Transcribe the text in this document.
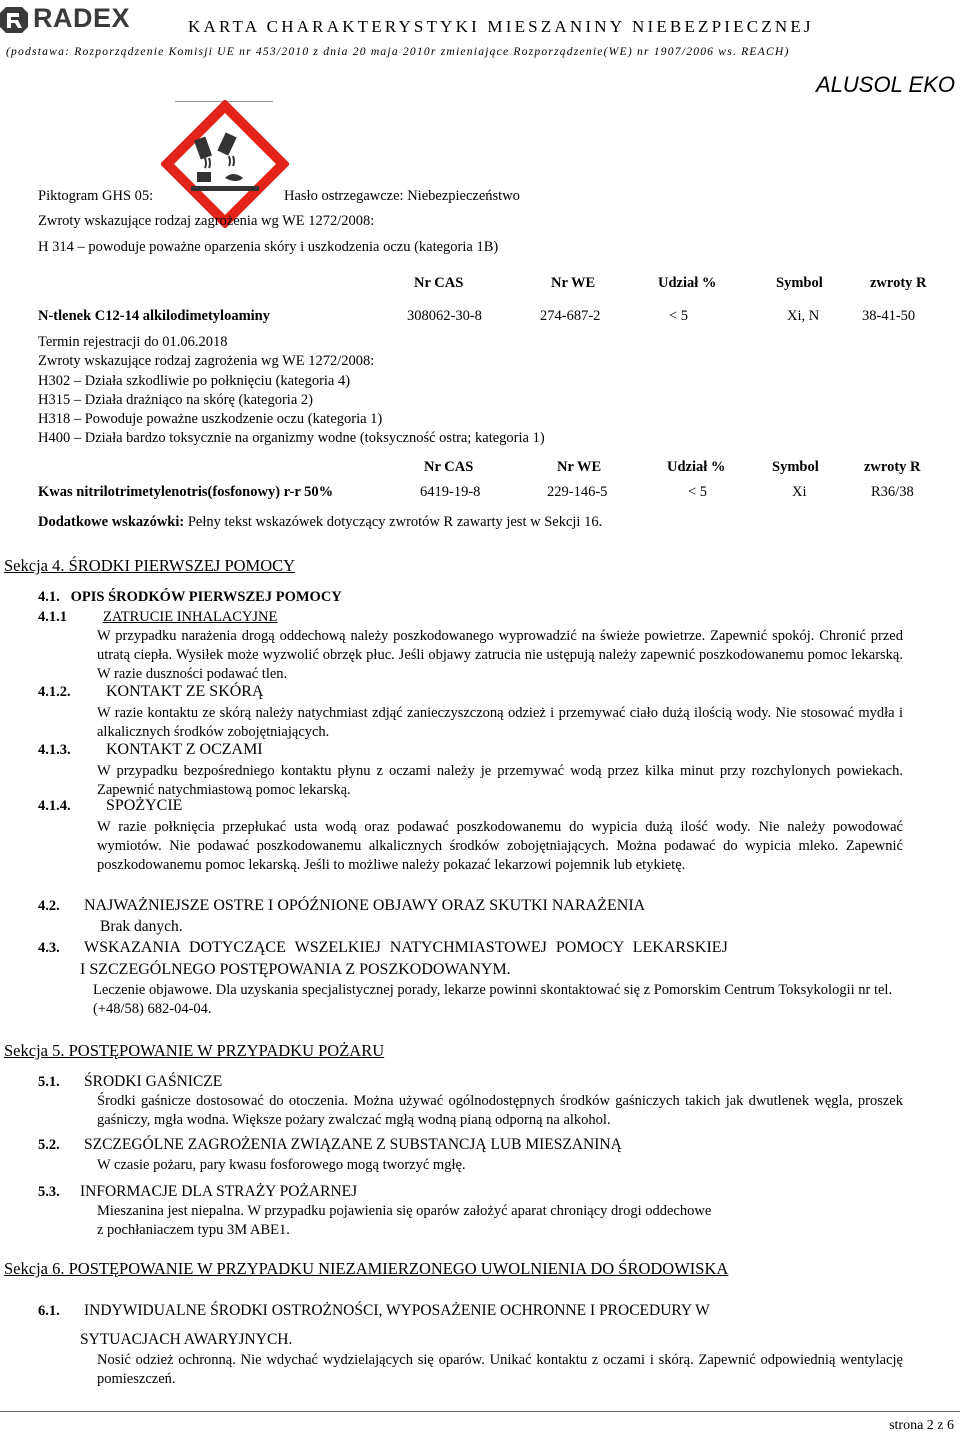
RADEX	KARTA CHARAKTERYSTYKI MIESZANINY NIEBEZPIECZNEJ
(podstawa: Rozporządzenie Komisji UE nr 453/2010 z dnia 20 maja 2010r zmieniające Rozporządzenie(WE) nr 1907/2006 ws. REACH)
ALUSOL EKO
Piktogram GHS 05:	Hasło ostrzegawcze: Niebezpieczeństwo
Zwroty wskazujące rodzaj zagrożenia wg WE 1272/2008:
H 314 – powoduje poważne oparzenia skóry i uszkodzenia oczu (kategoria 1B)
Nr CAS	Nr WE	Udział %	Symbol	zwroty R
N-tlenek C12-14 alkilodimetyloaminy	308062-30-8	274-687-2	< 5	Xi, N	38-41-50
Termin rejestracji do 01.06.2018
Zwroty wskazujące rodzaj zagrożenia wg WE 1272/2008:
H302 – Działa szkodliwie po połknięciu (kategoria 4)
H315 – Działa drażniąco na skórę (kategoria 2)
H318 – Powoduje poważne uszkodzenie oczu (kategoria 1)
H400 – Działa bardzo toksycznie na organizmy wodne (toksyczność ostra; kategoria 1)
Nr CAS	Nr WE	Udział %	Symbol	zwroty R
Kwas nitrilotrimetylenotris(fosfonowy) r-r 50%	6419-19-8	229-146-5	< 5	Xi	R36/38
Dodatkowe wskazówki: Pełny tekst wskazówek dotyczący zwrotów R zawarty jest w Sekcji 16.
Sekcja 4. ŚRODKI PIERWSZEJ POMOCY
4.1.   OPIS ŚRODKÓW PIERWSZEJ POMOCY
4.1.1 ZATRUCIE INHALACYJNE
W przypadku narażenia drogą oddechową należy poszkodowanego wyprowadzić na świeże powietrze. Zapewnić spokój. Chronić przed utratą ciepła. Wysiłek może wyzwolić obrzęk płuc. Jeśli objawy zatrucia nie ustępują należy zapewnić poszkodowanemu pomoc lekarską. W razie duszności podawać tlen.
4.1.2. KONTAKT ZE SKÓRĄ
W razie kontaktu ze skórą należy natychmiast zdjąć zanieczyszczoną odzież i przemywać ciało dużą ilością wody. Nie stosować mydła i alkalicznych środków zobojętniających.
4.1.3. KONTAKT Z OCZAMI
W przypadku bezpośredniego kontaktu płynu z oczami należy je przemywać wodą przez kilka minut przy rozchylonych powiekach. Zapewnić natychmiastową pomoc lekarską.
4.1.4. SPOŻYCIE
W razie połknięcia przepłukać usta wodą oraz podawać poszkodowanemu do wypicia dużą ilość wody. Nie należy powodować wymiotów. Nie podawać poszkodowanemu alkalicznych środków zobojętniających. Można podawać do wypicia mleko. Zapewnić poszkodowanemu pomoc lekarską. Jeśli to możliwe należy pokazać lekarzowi pojemnik lub etykietę.
4.2. NAJWAŻNIEJSZE OSTRE I OPÓŹNIONE OBJAWY ORAZ SKUTKI NARAŻENIA
Brak danych.
4.3. WSKAZANIA DOTYCZĄCE WSZELKIEJ NATYCHMIASTOWEJ POMOCY LEKARSKIEJ
I SZCZEGÓLNEGO POSTĘPOWANIA Z POSZKODOWANYM.
Leczenie objawowe. Dla uzyskania specjalistycznej porady, lekarze powinni skontaktować się z Pomorskim Centrum Toksykologii nr tel. (+48/58) 682-04-04.
Sekcja 5. POSTĘPOWANIE W PRZYPADKU POŻARU
5.1. ŚRODKI GAŚNICZE
Środki gaśnicze dostosować do otoczenia. Można używać ogólnodostępnych środków gaśniczych takich jak dwutlenek węgla, proszek gaśniczy, mgła wodna. Większe pożary zwalczać mgłą wodną pianą odporną na alkohol.
5.2. SZCZEGÓLNE ZAGROŻENIA ZWIĄZANE Z SUBSTANCJĄ LUB MIESZANINĄ
W czasie pożaru, pary kwasu fosforowego mogą tworzyć mgłę.
5.3. INFORMACJE DLA STRAŻY POŻARNEJ
Mieszanina jest niepalna. W przypadku pojawienia się oparów założyć aparat chroniący drogi oddechowe
z pochłaniaczem typu 3M ABE1.
Sekcja 6. POSTĘPOWANIE W PRZYPADKU NIEZAMIERZONEGO UWOLNIENIA DO ŚRODOWISKA
6.1. INDYWIDUALNE ŚRODKI OSTROŻNOŚCI, WYPOSAŻENIE OCHRONNE I PROCEDURY W
SYTUACJACH AWARYJNYCH.
Nosić odzież ochronną. Nie wdychać wydzielających się oparów. Unikać kontaktu z oczami i skórą. Zapewnić odpowiednią wentylację pomieszczeń.
strona 2 z 6
